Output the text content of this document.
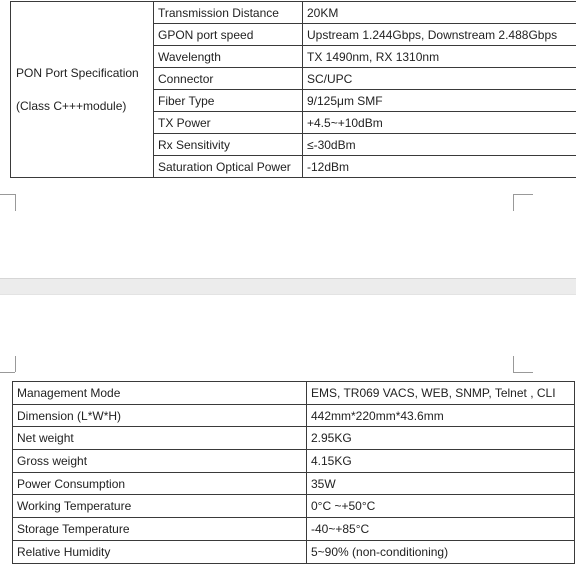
PON Port Specification
(Class C+++module)	Transmission Distance	20KM
	GPON port speed	Upstream 1.244Gbps, Downstream 2.488Gbps
	Wavelength	TX 1490nm, RX 1310nm
	Connector	SC/UPC
	Fiber Type	9/125μm SMF
	TX Power	+4.5~+10dBm
	Rx Sensitivity	≤-30dBm
	Saturation Optical Power	-12dBm
Management Mode	EMS, TR069 VACS, WEB, SNMP, Telnet , CLI
Dimension (L*W*H)	442mm*220mm*43.6mm
Net weight	2.95KG
Gross weight	4.15KG
Power Consumption	35W
Working Temperature	0°C ~+50°C
Storage Temperature	-40~+85°C
Relative Humidity	5~90% (non-conditioning)
